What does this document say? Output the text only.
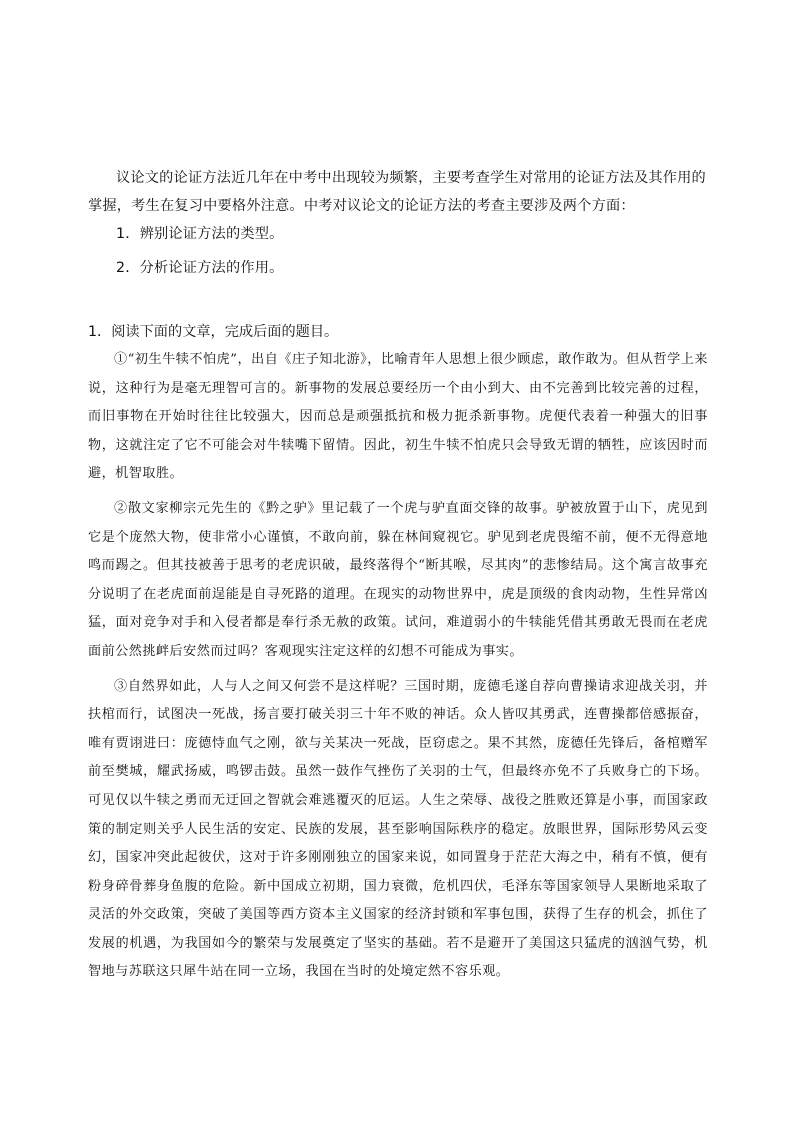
议论文的论证方法近几年在中考中出现较为频繁，主要考查学生对常用的论证方法及其作用的掌握，考生在复习中要格外注意。中考对议论文的论证方法的考查主要涉及两个方面：

1．辨别论证方法的类型。

2．分析论证方法的作用。

1．阅读下面的文章，完成后面的题目。

①“初生牛犊不怕虎”，出自《庄子知北游》，比喻青年人思想上很少顾虑，敢作敢为。但从哲学上来说，这种行为是毫无理智可言的。新事物的发展总要经历一个由小到大、由不完善到比较完善的过程，而旧事物在开始时往往比较强大，因而总是顽强抵抗和极力扼杀新事物。虎便代表着一种强大的旧事物，这就注定了它不可能会对牛犊嘴下留情。因此，初生牛犊不怕虎只会导致无谓的牺牲，应该因时而避，机智取胜。

②散文家柳宗元先生的《黔之驴》里记载了一个虎与驴直面交锋的故事。驴被放置于山下，虎见到它是个庞然大物，使非常小心谨慎，不敢向前，躲在林间窥视它。驴见到老虎畏缩不前，便不无得意地鸣而踢之。但其技被善于思考的老虎识破，最终落得个“断其喉，尽其肉”的悲惨结局。这个寓言故事充分说明了在老虎面前逞能是自寻死路的道理。在现实的动物世界中，虎是顶级的食肉动物，生性异常凶猛，面对竞争对手和入侵者都是奉行杀无赦的政策。试问，难道弱小的牛犊能凭借其勇敢无畏而在老虎面前公然挑衅后安然而过吗？客观现实注定这样的幻想不可能成为事实。

③自然界如此，人与人之间又何尝不是这样呢？三国时期，庞德毛遂自荐向曹操请求迎战关羽，并扶棺而行，试图决一死战，扬言要打破关羽三十年不败的神话。众人皆叹其勇武，连曹操都倍感振奋，唯有贾诩进曰：庞德恃血气之刚，欲与关某决一死战，臣窃虑之。果不其然，庞德任先锋后，备棺赠军前至樊城，耀武扬威，鸣锣击鼓。虽然一鼓作气挫伤了关羽的士气，但最终亦免不了兵败身亡的下场。可见仅以牛犊之勇而无迂回之智就会难逃覆灭的厄运。人生之荣辱、战役之胜败还算是小事，而国家政策的制定则关乎人民生活的安定、民族的发展，甚至影响国际秩序的稳定。放眼世界，国际形势风云变幻，国家冲突此起彼伏，这对于许多刚刚独立的国家来说，如同置身于茫茫大海之中，稍有不慎，便有粉身碎骨葬身鱼腹的危险。新中国成立初期，国力衰微，危机四伏，毛泽东等国家领导人果断地采取了灵活的外交政策，突破了美国等西方资本主义国家的经济封锁和军事包围，获得了生存的机会，抓住了发展的机遇，为我国如今的繁荣与发展奠定了坚实的基础。若不是避开了美国这只猛虎的汹汹气势，机智地与苏联这只犀牛站在同一立场，我国在当时的处境定然不容乐观。
